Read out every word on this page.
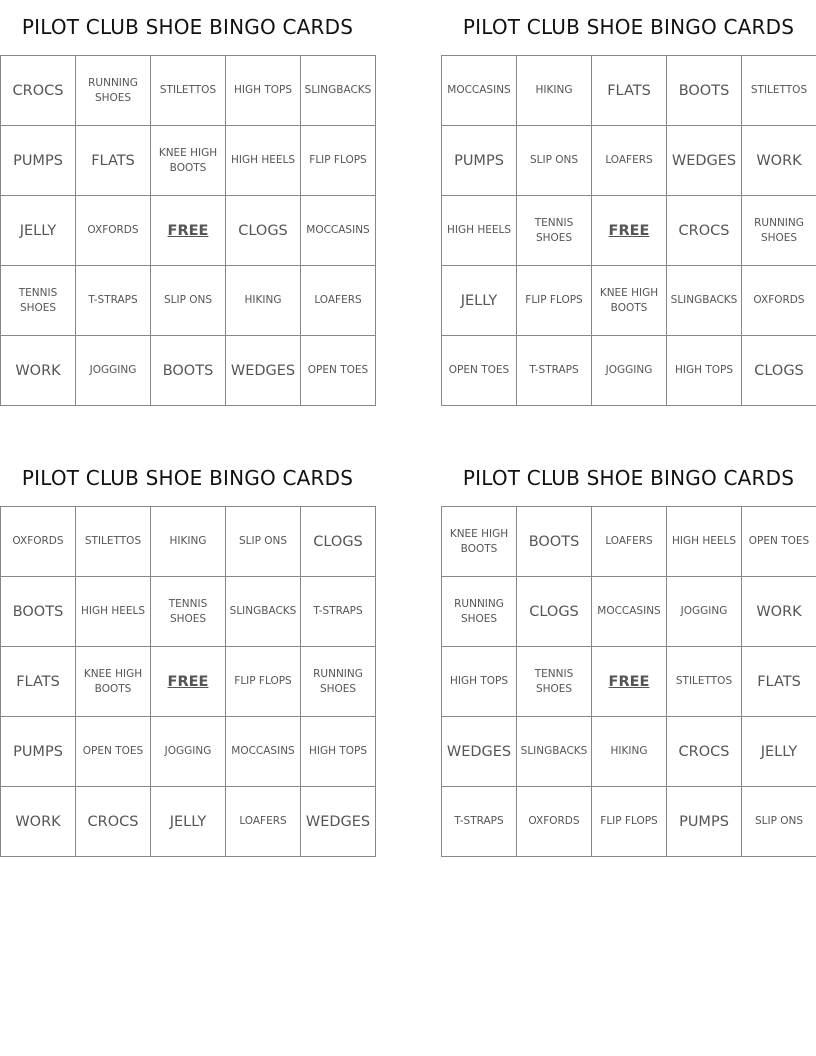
PILOT CLUB SHOE BINGO CARDS
CROCS	RUNNING SHOES	STILETTOS	HIGH TOPS	SLINGBACKS
PUMPS	FLATS	KNEE HIGH BOOTS	HIGH HEELS	FLIP FLOPS
JELLY	OXFORDS	FREE	CLOGS	MOCCASINS
TENNIS SHOES	T-STRAPS	SLIP ONS	HIKING	LOAFERS
WORK	JOGGING	BOOTS	WEDGES	OPEN TOES
PILOT CLUB SHOE BINGO CARDS
MOCCASINS	HIKING	FLATS	BOOTS	STILETTOS
PUMPS	SLIP ONS	LOAFERS	WEDGES	WORK
HIGH HEELS	TENNIS SHOES	FREE	CROCS	RUNNING SHOES
JELLY	FLIP FLOPS	KNEE HIGH BOOTS	SLINGBACKS	OXFORDS
OPEN TOES	T-STRAPS	JOGGING	HIGH TOPS	CLOGS
PILOT CLUB SHOE BINGO CARDS
OXFORDS	STILETTOS	HIKING	SLIP ONS	CLOGS
BOOTS	HIGH HEELS	TENNIS SHOES	SLINGBACKS	T-STRAPS
FLATS	KNEE HIGH BOOTS	FREE	FLIP FLOPS	RUNNING SHOES
PUMPS	OPEN TOES	JOGGING	MOCCASINS	HIGH TOPS
WORK	CROCS	JELLY	LOAFERS	WEDGES
PILOT CLUB SHOE BINGO CARDS
KNEE HIGH BOOTS	BOOTS	LOAFERS	HIGH HEELS	OPEN TOES
RUNNING SHOES	CLOGS	MOCCASINS	JOGGING	WORK
HIGH TOPS	TENNIS SHOES	FREE	STILETTOS	FLATS
WEDGES	SLINGBACKS	HIKING	CROCS	JELLY
T-STRAPS	OXFORDS	FLIP FLOPS	PUMPS	SLIP ONS
